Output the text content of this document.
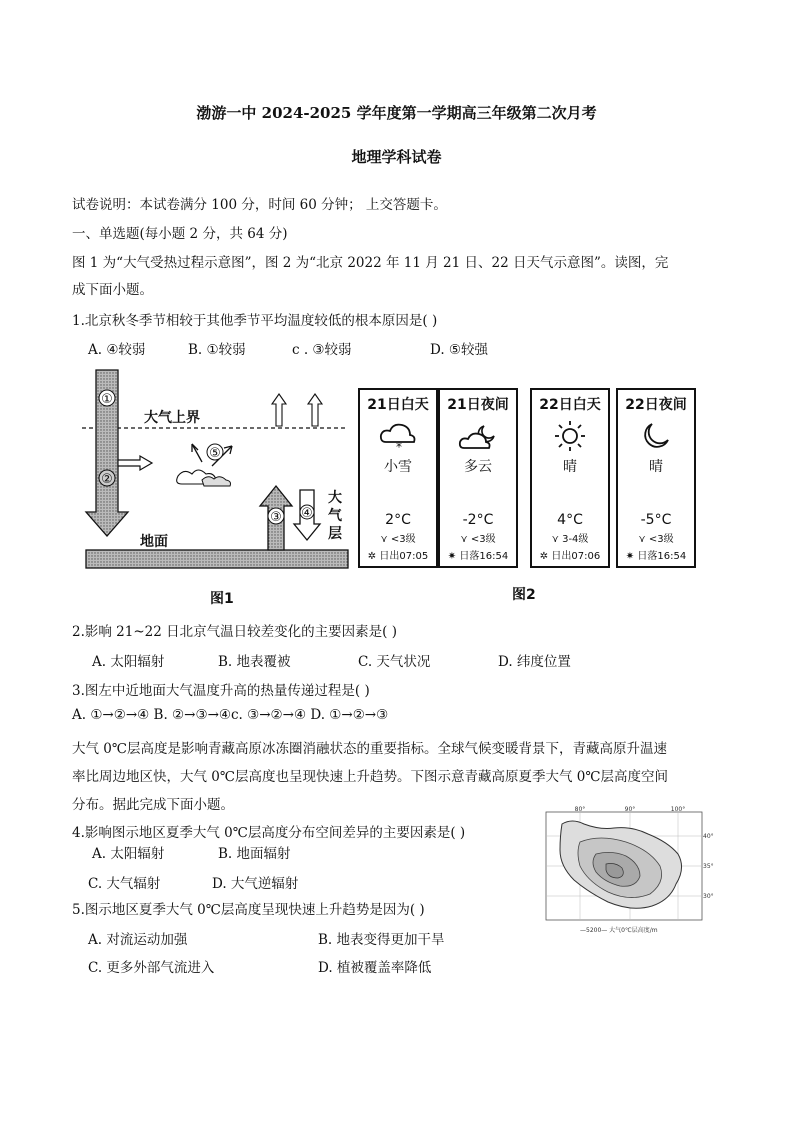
渤游一中 2024-2025 学年度第一学期高三年级第二次月考
地理学科试卷
试卷说明：本试卷满分 100 分，时间 60 分钟； 上交答题卡。
一、单选题(每小题 2 分，共 64 分)
图 1 为“大气受热过程示意图”，图 2 为“北京 2022 年 11 月 21 日、22 日天气示意图”。读图，完
成下面小题。
1.北京秋冬季节相较于其他季节平均温度较低的根本原因是( )
A. ④较弱	B. ①较弱	c . ③较弱	D. ⑤较强
①
②
③ ④
⑤
大气上界
地面
大
气
层
图1
21日白天
*
小雪
2°C
⋎ <3级
✲ 日出07:05
21日夜间
多云
-2°C
⋎ <3级
✷ 日落16:54
22日白天
晴
4°C
⋎ 3-4级
✲ 日出07:06
22日夜间
晴
-5°C
⋎ <3级
✷ 日落16:54
图2
2.影响 21~22 日北京气温日较差变化的主要因素是( )
A. 太阳辐射	B. 地表覆被	C. 天气状况	D. 纬度位置
3.图左中近地面大气温度升高的热量传递过程是( )
A. ①→②→④ B. ②→③→④c. ③→②→④ D. ①→②→③
大气 0℃层高度是影响青藏高原冰冻圈消融状态的重要指标。全球气候变暖背景下，青藏高原升温速
率比周边地区快，大气 0℃层高度也呈现快速上升趋势。下图示意青藏高原夏季大气 0℃层高度空间
分布。据此完成下面小题。	80°	90°	100°
40°
35°
30°
—5200— 大气0℃层高度/m
4.影响图示地区夏季大气 0℃层高度分布空间差异的主要因素是( )
A. 太阳辐射	B. 地面辐射
C. 大气辐射	D. 大气逆辐射
5.图示地区夏季大气 0℃层高度呈现快速上升趋势是因为( )
A. 对流运动加强	B. 地表变得更加干旱
C. 更多外部气流进入	D. 植被覆盖率降低
